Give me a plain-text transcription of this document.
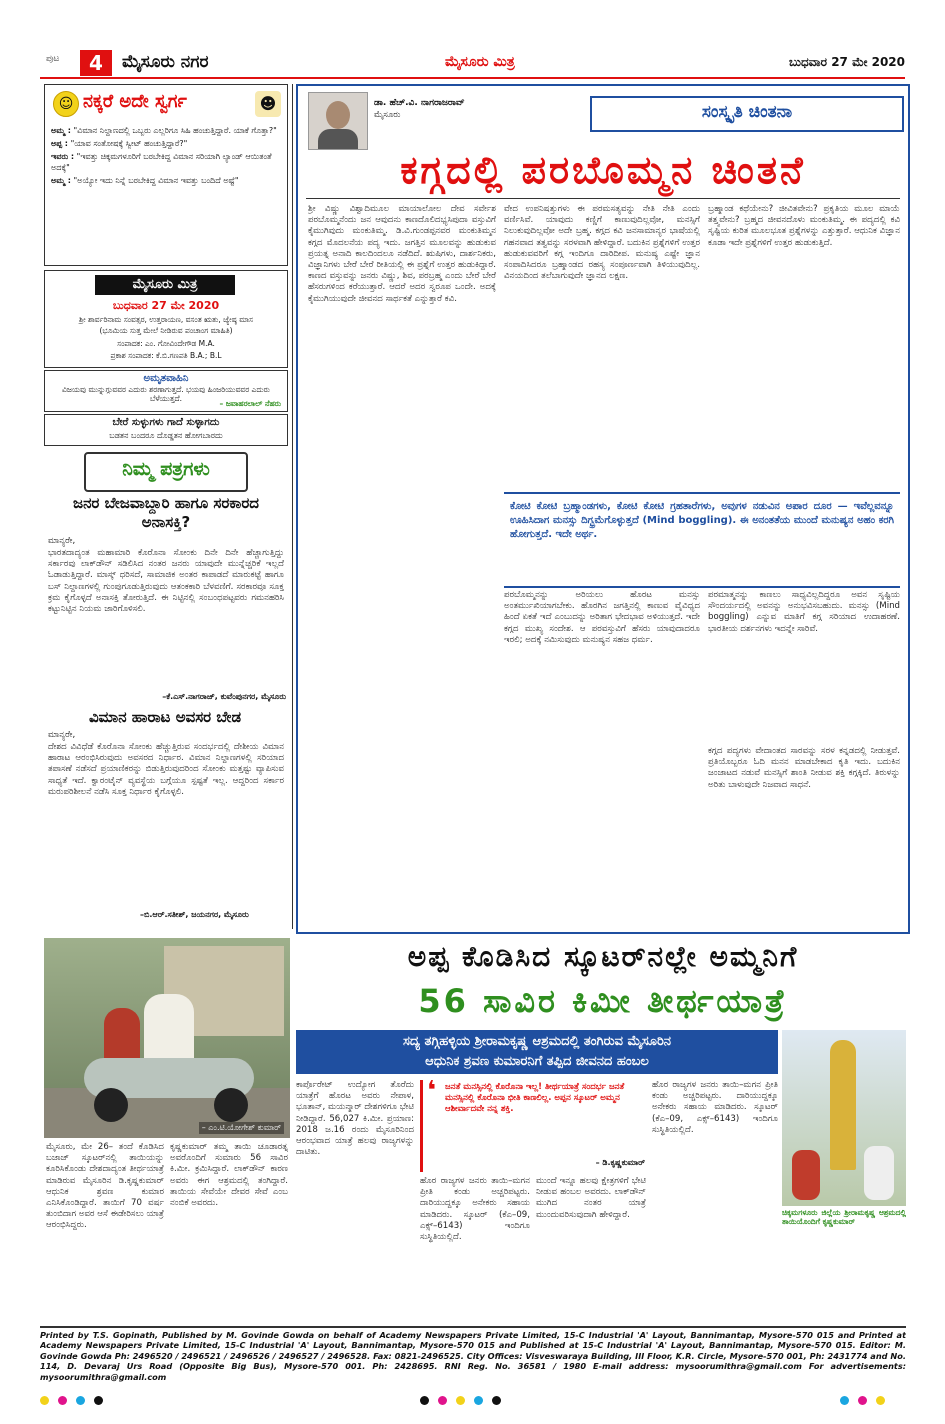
ಪುಟ	4	ಮೈಸೂರು ನಗರ	ಮೈಸೂರು ಮಿತ್ರ	ಬುಧವಾರ 27 ಮೇ 2020
☺ ನಕ್ಕರೆ ಅದೇ ಸ್ವರ್ಗ	☻
ಅಮ್ಮ : "ವಿಮಾನ ನಿಲ್ದಾಣದಲ್ಲಿ ಒಬ್ಬರು ಎಲ್ಲರಿಗೂ ಸಿಹಿ ಹಂಚುತ್ತಿದ್ದಾರೆ. ಯಾಕೆ ಗೊತ್ತಾ?"
ಅಪ್ಪ : "ಯಾವ ಸಂತೋಷಕ್ಕೆ ಸ್ವೀಟ್ ಹಂಚುತ್ತಿದ್ದಾರೆ?"
ಇವರು : "ಇವತ್ತು ಚಿಕ್ಕಮಗಳೂರಿಗೆ ಬರಬೇಕಿದ್ದ ವಿಮಾನ ಸರಿಯಾಗಿ ಲ್ಯಾಂಡ್ ಆಯಿತಂತೆ ಅದಕ್ಕೆ"
ಅಮ್ಮ : "ಅಯ್ಯೋ ಇದು ನಿನ್ನೆ ಬರಬೇಕಿದ್ದ ವಿಮಾನ ಇವತ್ತು ಬಂದಿದೆ ಅಷ್ಟೆ"
ಮೈಸೂರು ಮಿತ್ರ
ಬುಧವಾರ 27 ಮೇ 2020
ಶ್ರೀ ಶಾರ್ವರಿನಾಮ ಸಂವತ್ಸರ, ಉತ್ತರಾಯಣ, ವಸಂತ ಋತು, ಜ್ಯೇಷ್ಠ ಮಾಸ
(ಭೂಮಿಯ ಸುತ್ತ ಮೇಲೆ ನೀಡಿರುವ ಪಂಚಾಂಗ ಮಾಹಿತಿ)
ಸಂಪಾದಕ: ಎಂ. ಗೋವಿಂದೇಗೌಡ M.A.
ಪ್ರಕಾಶ ಸಂಪಾದಕ: ಕೆ.ಬಿ.ಗಣಪತಿ B.A.; B.L
ಅಮೃತವಾಹಿನಿ
ವಿಜಯವು ಮುನ್ನುಗ್ಗುವವರ ಎದುರು ಶರಣಾಗುತ್ತದೆ. ಭಯವು ಹಿಂಜರಿಯುವವರ ಎದುರು ಬೆಳೆಯುತ್ತದೆ.
– ಜವಾಹರಲಾಲ್ ನೆಹರು
ಬೇರೆ ಸುಳ್ಳುಗಳು ಗಾದೆ ಸುಳ್ಳಾಗದು
ಬಡತನ ಬಂದರೂ ದೊಡ್ಡತನ ಹೋಗಬಾರದು
ನಿಮ್ಮ ಪತ್ರಗಳು
ಜನರ ಬೇಜವಾಬ್ದಾರಿ ಹಾಗೂ ಸರಕಾರದ ಅನಾಸಕ್ತಿ?
ಮಾನ್ಯರೇ,
ಭಾರತದಾದ್ಯಂತ ಮಹಾಮಾರಿ ಕೊರೊನಾ ಸೋಂಕು ದಿನೇ ದಿನೇ ಹೆಚ್ಚಾಗುತ್ತಿದ್ದು ಸರ್ಕಾರವು ಲಾಕ್‌ಡೌನ್ ಸಡಿಲಿಸಿದ ನಂತರ ಜನರು ಯಾವುದೇ ಮುನ್ನೆಚ್ಚರಿಕೆ ಇಲ್ಲದೆ ಓಡಾಡುತ್ತಿದ್ದಾರೆ. ಮಾಸ್ಕ್ ಧರಿಸದೆ, ಸಾಮಾಜಿಕ ಅಂತರ ಕಾಪಾಡದೆ ಮಾರುಕಟ್ಟೆ ಹಾಗೂ ಬಸ್ ನಿಲ್ದಾಣಗಳಲ್ಲಿ ಗುಂಪುಗೂಡುತ್ತಿರುವುದು ಆತಂಕಕಾರಿ ಬೆಳವಣಿಗೆ. ಸರಕಾರವೂ ಸೂಕ್ತ ಕ್ರಮ ಕೈಗೊಳ್ಳದೆ ಅನಾಸಕ್ತಿ ತೋರುತ್ತಿದೆ. ಈ ನಿಟ್ಟಿನಲ್ಲಿ ಸಂಬಂಧಪಟ್ಟವರು ಗಮನಹರಿಸಿ ಕಟ್ಟುನಿಟ್ಟಿನ ನಿಯಮ ಜಾರಿಗೊಳಿಸಲಿ.
–ಕೆ.ಎಸ್.ನಾಗರಾಜ್, ಕುವೆಂಪುನಗರ, ಮೈಸೂರು
ವಿಮಾನ ಹಾರಾಟ ಅವಸರ ಬೇಡ
ಮಾನ್ಯರೇ,
ದೇಶದ ವಿವಿಧೆಡೆ ಕೊರೊನಾ ಸೋಂಕು ಹೆಚ್ಚುತ್ತಿರುವ ಸಂದರ್ಭದಲ್ಲಿ ದೇಶೀಯ ವಿಮಾನ ಹಾರಾಟ ಆರಂಭಿಸಿರುವುದು ಅವಸರದ ನಿರ್ಧಾರ. ವಿಮಾನ ನಿಲ್ದಾಣಗಳಲ್ಲಿ ಸರಿಯಾದ ತಪಾಸಣೆ ನಡೆಸದೆ ಪ್ರಯಾಣಿಕರನ್ನು ಬಿಡುತ್ತಿರುವುದರಿಂದ ಸೋಂಕು ಮತ್ತಷ್ಟು ವ್ಯಾಪಿಸುವ ಸಾಧ್ಯತೆ ಇದೆ. ಕ್ವಾರಂಟೈನ್ ವ್ಯವಸ್ಥೆಯ ಬಗ್ಗೆಯೂ ಸ್ಪಷ್ಟತೆ ಇಲ್ಲ. ಆದ್ದರಿಂದ ಸರ್ಕಾರ ಮರುಪರಿಶೀಲನೆ ನಡೆಸಿ ಸೂಕ್ತ ನಿರ್ಧಾರ ಕೈಗೊಳ್ಳಲಿ.
–ಬಿ.ಆರ್.ಸತೀಶ್, ಜಯನಗರ, ಮೈಸೂರು
ಡಾ. ಹೆಚ್.ವಿ. ನಾಗರಾಜರಾವ್
ಮೈಸೂರು	ಸಂಸ್ಕೃತಿ ಚಿಂತನಾ
ಕಗ್ಗದಲ್ಲಿ ಪರಬೊಮ್ಮನ ಚಿಂತನೆ
ಶ್ರೀ ವಿಷ್ಣು ವಿಶ್ವಾದಿಮೂಲ ಮಾಯಾಲೋಲ ದೇವ ಸರ್ವೇಶ ಪರಬೊಮ್ಮನೆಂದು ಜನ ಆವುದನು ಕಾಣದೊಲಿದಭ್ಯಸಿಪುದಾ ವಸ್ತುವಿಗೆ ಕೈಮುಗಿವುದು ಮಂಕುತಿಮ್ಮ. ಡಿ.ವಿ.ಗುಂಡಪ್ಪನವರ ಮಂಕುತಿಮ್ಮನ ಕಗ್ಗದ ಮೊದಲನೆಯ ಪದ್ಯ ಇದು. ಜಗತ್ತಿನ ಮೂಲವನ್ನು ಹುಡುಕುವ ಪ್ರಯತ್ನ ಅನಾದಿ ಕಾಲದಿಂದಲೂ ನಡೆದಿದೆ. ಋಷಿಗಳು, ದಾರ್ಶನಿಕರು, ವಿಜ್ಞಾನಿಗಳು ಬೇರೆ ಬೇರೆ ರೀತಿಯಲ್ಲಿ ಈ ಪ್ರಶ್ನೆಗೆ ಉತ್ತರ ಹುಡುಕಿದ್ದಾರೆ. ಕಾಣದ ವಸ್ತುವನ್ನು ಜನರು ವಿಷ್ಣು, ಶಿವ, ಪರಬ್ರಹ್ಮ ಎಂದು ಬೇರೆ ಬೇರೆ ಹೆಸರುಗಳಿಂದ ಕರೆಯುತ್ತಾರೆ. ಆದರೆ ಅದರ ಸ್ವರೂಪ ಒಂದೇ. ಅದಕ್ಕೆ ಕೈಮುಗಿಯುವುದೇ ಜೀವನದ ಸಾರ್ಥಕತೆ ಎನ್ನುತ್ತಾರೆ ಕವಿ.
ವೇದ ಉಪನಿಷತ್ತುಗಳು ಈ ಪರಮಸತ್ಯವನ್ನು ನೇತಿ ನೇತಿ ಎಂದು ವರ್ಣಿಸಿವೆ. ಯಾವುದು ಕಣ್ಣಿಗೆ ಕಾಣುವುದಿಲ್ಲವೋ, ಮನಸ್ಸಿಗೆ ನಿಲುಕುವುದಿಲ್ಲವೋ ಅದೇ ಬ್ರಹ್ಮ. ಕಗ್ಗದ ಕವಿ ಜನಸಾಮಾನ್ಯರ ಭಾಷೆಯಲ್ಲಿ ಗಹನವಾದ ತತ್ವವನ್ನು ಸರಳವಾಗಿ ಹೇಳಿದ್ದಾರೆ. ಬದುಕಿನ ಪ್ರಶ್ನೆಗಳಿಗೆ ಉತ್ತರ ಹುಡುಕುವವರಿಗೆ ಕಗ್ಗ ಇಂದಿಗೂ ದಾರಿದೀಪ. ಮನುಷ್ಯ ಎಷ್ಟೇ ಜ್ಞಾನ ಸಂಪಾದಿಸಿದರೂ ಬ್ರಹ್ಮಾಂಡದ ರಹಸ್ಯ ಸಂಪೂರ್ಣವಾಗಿ ತಿಳಿಯುವುದಿಲ್ಲ. ವಿನಯದಿಂದ ತಲೆಬಾಗುವುದೇ ಜ್ಞಾನದ ಲಕ್ಷಣ.
ಬ್ರಹ್ಮಾಂಡ ಕಥೆಯೇನು? ಜೀವಿತವೇನು? ಪ್ರಕೃತಿಯ ಮೂಲ ಮಾಯೆ ತತ್ತ್ವವೇನು? ಬ್ರಹ್ಮದ ಜೀವನದೊಳು ಮಂಕುತಿಮ್ಮ. ಈ ಪದ್ಯದಲ್ಲಿ ಕವಿ ಸೃಷ್ಟಿಯ ಕುರಿತ ಮೂಲಭೂತ ಪ್ರಶ್ನೆಗಳನ್ನು ಎತ್ತುತ್ತಾರೆ. ಆಧುನಿಕ ವಿಜ್ಞಾನ ಕೂಡಾ ಇದೇ ಪ್ರಶ್ನೆಗಳಿಗೆ ಉತ್ತರ ಹುಡುಕುತ್ತಿದೆ.
ಕೋಟಿ ಕೋಟಿ ಬ್ರಹ್ಮಾಂಡಗಳು, ಕೋಟಿ ಕೋಟಿ ಗ್ರಹತಾರೆಗಳು, ಅವುಗಳ ನಡುವಿನ ಅಪಾರ ದೂರ — ಇವೆಲ್ಲವನ್ನೂ ಊಹಿಸಿದಾಗ ಮನಸ್ಸು ದಿಗ್ಭ್ರಮೆಗೊಳ್ಳುತ್ತದೆ (Mind boggling). ಈ ಅನಂತತೆಯ ಮುಂದೆ ಮನುಷ್ಯನ ಅಹಂ ಕರಗಿ ಹೋಗುತ್ತದೆ. ಇದೇ ಅರ್ಥ.
ಪರಬೊಮ್ಮನನ್ನು ಅರಿಯಲು ಹೊರಟ ಮನಸ್ಸು ಅಂತರ್ಮುಖಿಯಾಗಬೇಕು. ಹೊರಗಿನ ಜಗತ್ತಿನಲ್ಲಿ ಕಾಣುವ ವೈವಿಧ್ಯದ ಹಿಂದೆ ಏಕತೆ ಇದೆ ಎಂಬುದನ್ನು ಅರಿತಾಗ ಭೇದಭಾವ ಅಳಿಯುತ್ತದೆ. ಇದೇ ಕಗ್ಗದ ಮುಖ್ಯ ಸಂದೇಶ. ಆ ಪರವಸ್ತುವಿಗೆ ಹೆಸರು ಯಾವುದಾದರೂ ಇರಲಿ; ಅದಕ್ಕೆ ನಮಿಸುವುದು ಮನುಷ್ಯನ ಸಹಜ ಧರ್ಮ.
ಪರಮಾತ್ಮನನ್ನು ಕಾಣಲು ಸಾಧ್ಯವಿಲ್ಲದಿದ್ದರೂ ಅವನ ಸೃಷ್ಟಿಯ ಸೌಂದರ್ಯದಲ್ಲಿ ಅವನನ್ನು ಅನುಭವಿಸಬಹುದು. ಮನಸ್ಸು (Mind boggling) ಎನ್ನುವ ಮಾತಿಗೆ ಕಗ್ಗ ಸರಿಯಾದ ಉದಾಹರಣೆ. ಭಾರತೀಯ ದರ್ಶನಗಳು ಇದನ್ನೇ ಸಾರಿವೆ.
ಕಗ್ಗದ ಪದ್ಯಗಳು ವೇದಾಂತದ ಸಾರವನ್ನು ಸರಳ ಕನ್ನಡದಲ್ಲಿ ನೀಡುತ್ತವೆ. ಪ್ರತಿಯೊಬ್ಬರೂ ಓದಿ ಮನನ ಮಾಡಬೇಕಾದ ಕೃತಿ ಇದು. ಬದುಕಿನ ಜಂಜಾಟದ ನಡುವೆ ಮನಸ್ಸಿಗೆ ಶಾಂತಿ ನೀಡುವ ಶಕ್ತಿ ಕಗ್ಗಕ್ಕಿದೆ. ತಿರುಳನ್ನು ಅರಿತು ಬಾಳುವುದೇ ನಿಜವಾದ ಸಾಧನೆ.
ಅಪ್ಪ ಕೊಡಿಸಿದ ಸ್ಕೂಟರ್‌ನಲ್ಲೇ ಅಮ್ಮನಿಗೆ
56 ಸಾವಿರ ಕಿಮೀ ತೀರ್ಥಯಾತ್ರೆ
ಸದ್ಯ ತಗ್ಗಿಹಳ್ಳಿಯ ಶ್ರೀರಾಮಕೃಷ್ಣ ಆಶ್ರಮದಲ್ಲಿ ತಂಗಿರುವ ಮೈಸೂರಿನ
ಆಧುನಿಕ ಶ್ರವಣ ಕುಮಾರನಿಗೆ ತಪ್ಪಿದ ಜೀವನದ ಹಂಬಲ
– ಎಂ.ಟಿ.ಯೋಗೇಶ್ ಕುಮಾರ್
ಚಿಕ್ಕಮಗಳೂರು ಜಿಲ್ಲೆಯ ಶ್ರೀರಾಮಕೃಷ್ಣ ಆಶ್ರಮದಲ್ಲಿ ತಾಯಿಯೊಂದಿಗೆ ಕೃಷ್ಣಕುಮಾರ್
ಮೈಸೂರು, ಮೇ 26– ತಂದೆ ಕೊಡಿಸಿದ ಬಜಾಜ್ ಸ್ಕೂಟರ್‌ನಲ್ಲಿ ತಾಯಿಯನ್ನು ಕೂರಿಸಿಕೊಂಡು ದೇಶದಾದ್ಯಂತ ತೀರ್ಥಯಾತ್ರೆ ಮಾಡಿರುವ ಮೈಸೂರಿನ ಡಿ.ಕೃಷ್ಣಕುಮಾರ್ ಆಧುನಿಕ ಶ್ರವಣ ಕುಮಾರ ಎನಿಸಿಕೊಂಡಿದ್ದಾರೆ. ತಾಯಿಗೆ 70 ವರ್ಷ ತುಂಬಿದಾಗ ಅವರ ಆಸೆ ಈಡೇರಿಸಲು ಯಾತ್ರೆ ಆರಂಭಿಸಿದ್ದರು.
ಕೃಷ್ಣಕುಮಾರ್ ತಮ್ಮ ತಾಯಿ ಚೂಡಾರತ್ನ ಅವರೊಂದಿಗೆ ಸುಮಾರು 56 ಸಾವಿರ ಕಿ.ಮೀ. ಕ್ರಮಿಸಿದ್ದಾರೆ. ಲಾಕ್‌ಡೌನ್ ಕಾರಣ ಅವರು ಈಗ ಆಶ್ರಮದಲ್ಲಿ ತಂಗಿದ್ದಾರೆ. ತಾಯಿಯ ಸೇವೆಯೇ ದೇವರ ಸೇವೆ ಎಂಬ ನಂಬಿಕೆ ಅವರದು.
ಕಾರ್ಪೊರೇಟ್ ಉದ್ಯೋಗ ತೊರೆದು ಯಾತ್ರೆಗೆ ಹೊರಟ ಅವರು ನೇಪಾಳ, ಭೂತಾನ್, ಮಯನ್ಮಾರ್ ದೇಶಗಳಿಗೂ ಭೇಟಿ ನೀಡಿದ್ದಾರೆ. 56,027 ಕಿ.ಮೀ. ಪ್ರಯಾಣ: 2018 ಜ.16 ರಂದು ಮೈಸೂರಿನಿಂದ ಆರಂಭವಾದ ಯಾತ್ರೆ ಹಲವು ರಾಜ್ಯಗಳನ್ನು ದಾಟಿತು.
❛ ಜನತೆ ಮನಸ್ಸಿನಲ್ಲಿ ಕೊರೊನಾ ಇಲ್ಲ! ತೀರ್ಥಯಾತ್ರೆ ಸಂದರ್ಭ ಜನತೆ ಮನಸ್ಸಿನಲ್ಲಿ ಕೊರೊನಾ ಭೀತಿ ಕಾಣಲಿಲ್ಲ. ಅಪ್ಪನ ಸ್ಕೂಟರ್ ಅಮ್ಮನ ಆಶೀರ್ವಾದವೇ ನನ್ನ ಶಕ್ತಿ.
– ಡಿ.ಕೃಷ್ಣಕುಮಾರ್
ಹೊರ ರಾಜ್ಯಗಳ ಜನರು ತಾಯಿ–ಮಗನ ಪ್ರೀತಿ ಕಂಡು ಅಚ್ಚರಿಪಟ್ಟರು. ದಾರಿಯುದ್ದಕ್ಕೂ ಅನೇಕರು ಸಹಾಯ ಮಾಡಿದರು. ಸ್ಕೂಟರ್ (ಕೆಎ–09, ಎಕ್ಸ್–6143) ಇಂದಿಗೂ ಸುಸ್ಥಿತಿಯಲ್ಲಿದೆ.
ಮುಂದೆ ಇನ್ನೂ ಹಲವು ಕ್ಷೇತ್ರಗಳಿಗೆ ಭೇಟಿ ನೀಡುವ ಹಂಬಲ ಅವರದು. ಲಾಕ್‌ಡೌನ್ ಮುಗಿದ ನಂತರ ಯಾತ್ರೆ ಮುಂದುವರಿಸುವುದಾಗಿ ಹೇಳಿದ್ದಾರೆ.
ಹೊರ ರಾಜ್ಯಗಳ ಜನರು ತಾಯಿ–ಮಗನ ಪ್ರೀತಿ ಕಂಡು ಅಚ್ಚರಿಪಟ್ಟರು. ದಾರಿಯುದ್ದಕ್ಕೂ ಅನೇಕರು ಸಹಾಯ ಮಾಡಿದರು. ಸ್ಕೂಟರ್ (ಕೆಎ–09, ಎಕ್ಸ್–6143) ಇಂದಿಗೂ ಸುಸ್ಥಿತಿಯಲ್ಲಿದೆ.
Printed by T.S. Gopinath, Published by M. Govinde Gowda on behalf of Academy Newspapers Private Limited, 15-C Industrial 'A' Layout, Bannimantap, Mysore-570 015 and Printed at Academy Newspapers Private Limited, 15-C Industrial 'A' Layout, Bannimantap, Mysore-570 015 and Published at 15-C Industrial 'A' Layout, Bannimantap, Mysore-570 015. Editor: M. Govinde Gowda Ph: 2496520 / 2496521 / 2496526 / 2496527 / 2496528. Fax: 0821-2496525. City Offices: Visveswaraya Building, III Floor, K.R. Circle, Mysore-570 001, Ph: 2431774 and No. 114, D. Devaraj Urs Road (Opposite Big Bus), Mysore-570 001. Ph: 2428695. RNI Reg. No. 36581 / 1980 E-mail address: mysoorumithra@gmail.com For advertisements: mysoorumithra@gmail.com
